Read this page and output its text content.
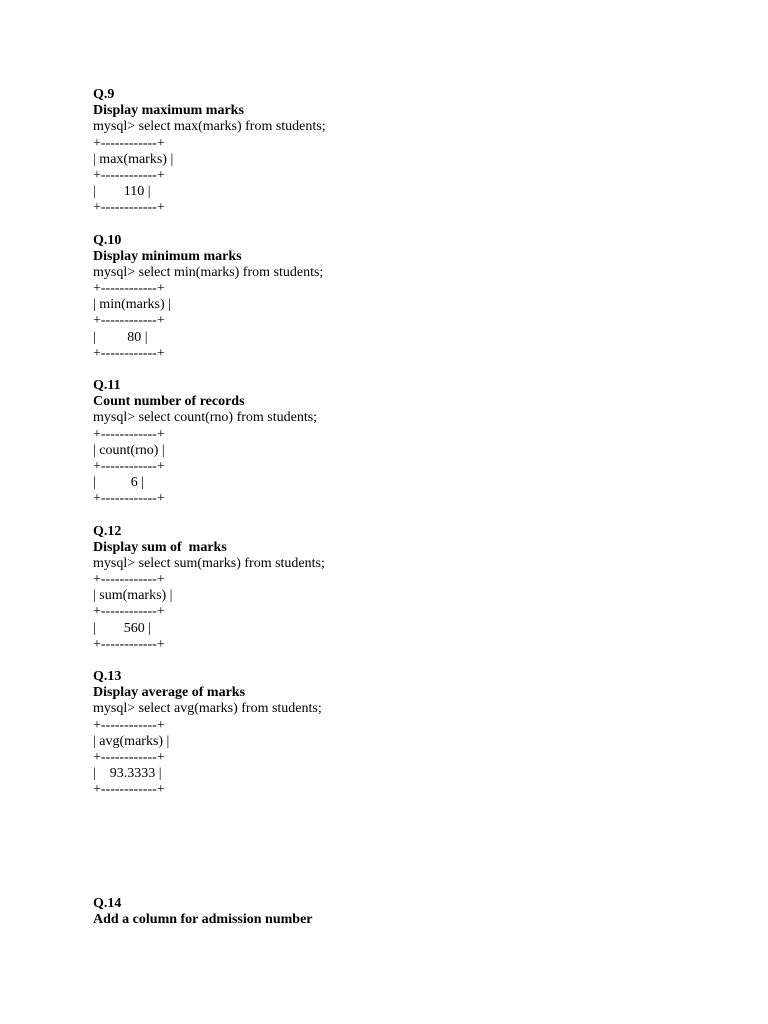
Q.9
Display maximum marks
mysql> select max(marks) from students;
+------------+
| max(marks) |
+------------+
|        110 |
+------------+
Q.10
Display minimum marks
mysql> select min(marks) from students;
+------------+
| min(marks) |
+------------+
|         80 |
+------------+
Q.11
Count number of records
mysql> select count(rno) from students;
+------------+
| count(rno) |
+------------+
|          6 |
+------------+
Q.12
Display sum of  marks
mysql> select sum(marks) from students;
+------------+
| sum(marks) |
+------------+
|        560 |
+------------+
Q.13
Display average of marks
mysql> select avg(marks) from students;
+------------+
| avg(marks) |
+------------+
|    93.3333 |
+------------+
Q.14
Add a column for admission number
